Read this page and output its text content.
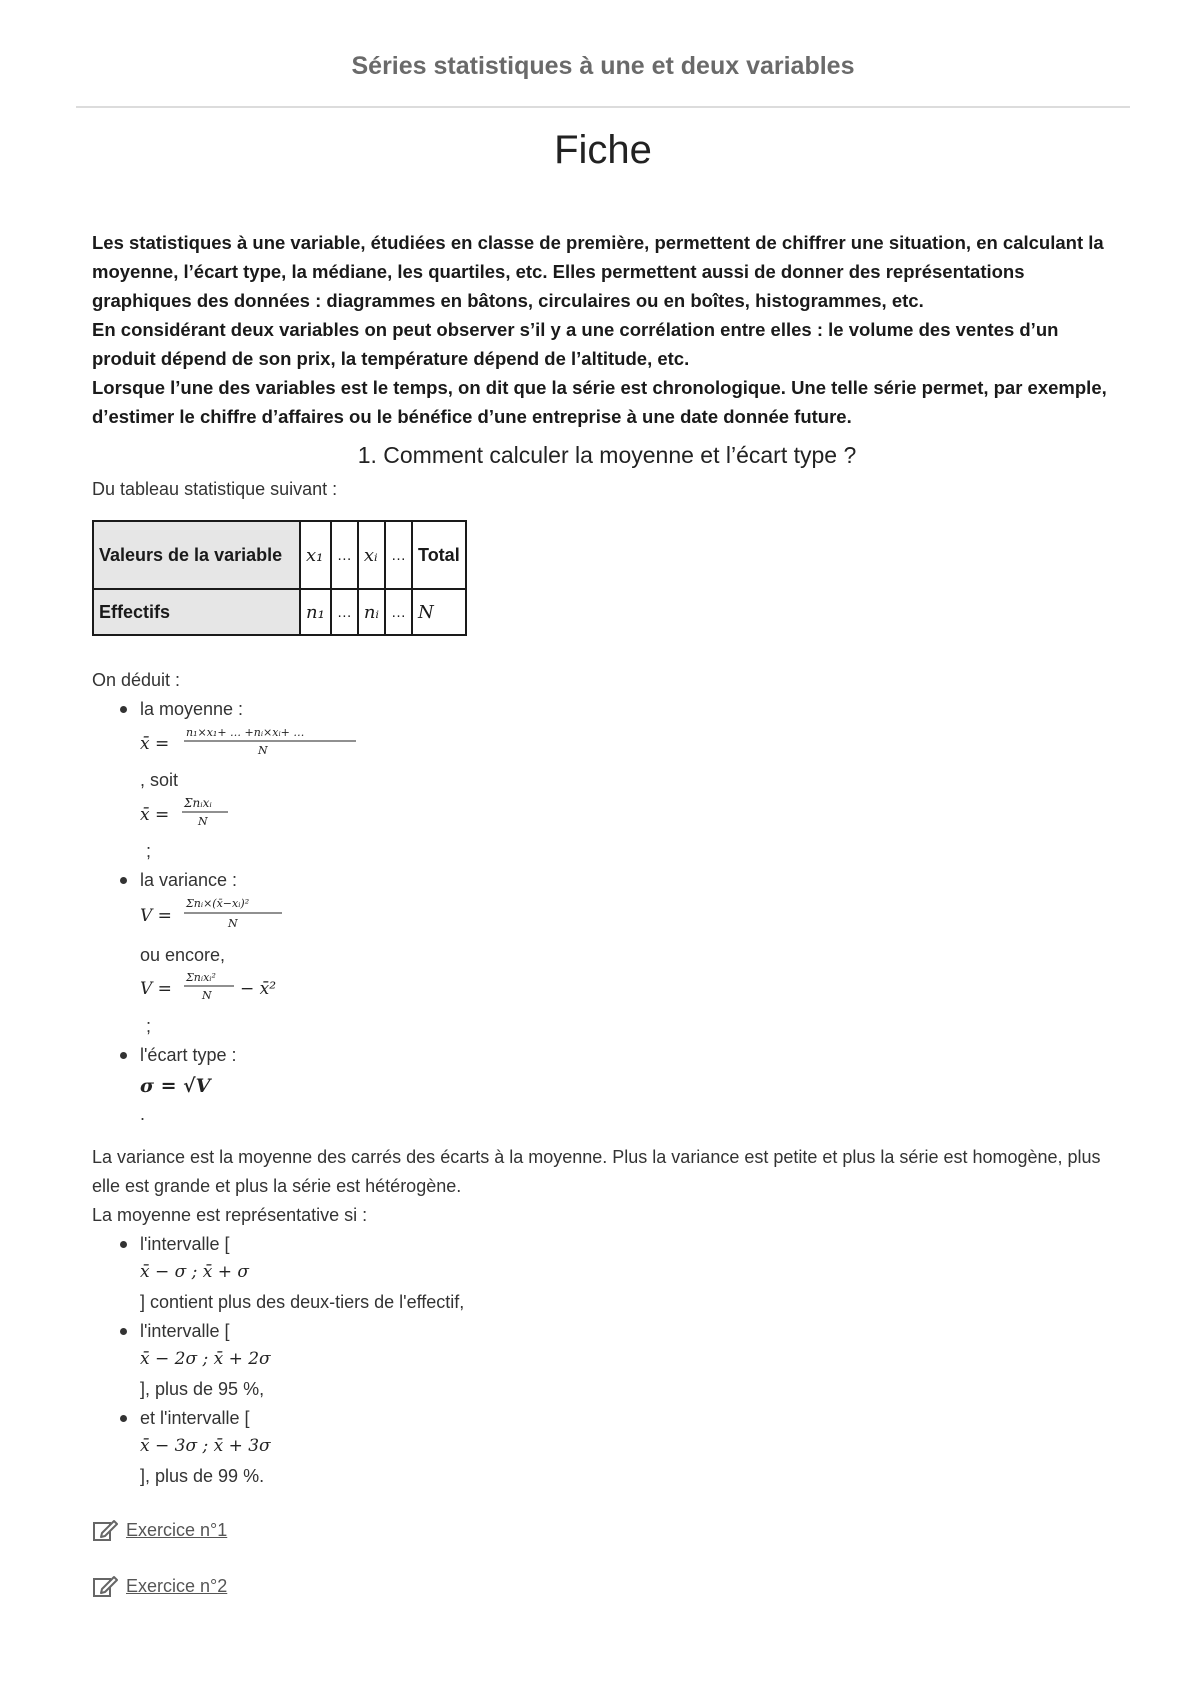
Séries statistiques à une et deux variables
Fiche

Les statistiques à une variable, étudiées en classe de première, permettent de chiffrer une situation, en calculant la moyenne, l’écart type, la médiane, les quartiles, etc. Elles permettent aussi de donner des représentations graphiques des données : diagrammes en bâtons, circulaires ou en boîtes, histogrammes, etc.

En considérant deux variables on peut observer s’il y a une corrélation entre elles : le volume des ventes d’un produit dépend de son prix, la température dépend de l’altitude, etc.

Lorsque l’une des variables est le temps, on dit que la série est chronologique. Une telle série permet, par exemple, d’estimer le chiffre d’affaires ou le bénéfice d’une entreprise à une date donnée future.

1. Comment calculer la moyenne et l’écart type ?
Du tableau statistique suivant :
Valeurs de la variable	x₁	…	xᵢ	…	Total
Effectifs	n₁	…	nᵢ	…	N
On déduit :
la moyenne :
x̄ =
n₁×x₁+ … +nᵢ×xᵢ+ …
N
, soit
x̄ =
Σnᵢxᵢ
N
;
la variance :
V =
Σnᵢ×(x̄−xᵢ)²
N
ou encore,
V =
Σnᵢxᵢ²
N − x̄²
;
l'écart type :
σ = √V
.

La variance est la moyenne des carrés des écarts à la moyenne. Plus la variance est petite et plus la série est homogène, plus elle est grande et plus la série est hétérogène.

La moyenne est représentative si :

l'intervalle [
x̄ − σ ; x̄ + σ
] contient plus des deux-tiers de l'effectif,
l'intervalle [
x̄ − 2σ ; x̄ + 2σ
], plus de 95 %,
et l'intervalle [
x̄ − 3σ ; x̄ + 3σ
], plus de 99 %.
Exercice n°1
Exercice n°2
